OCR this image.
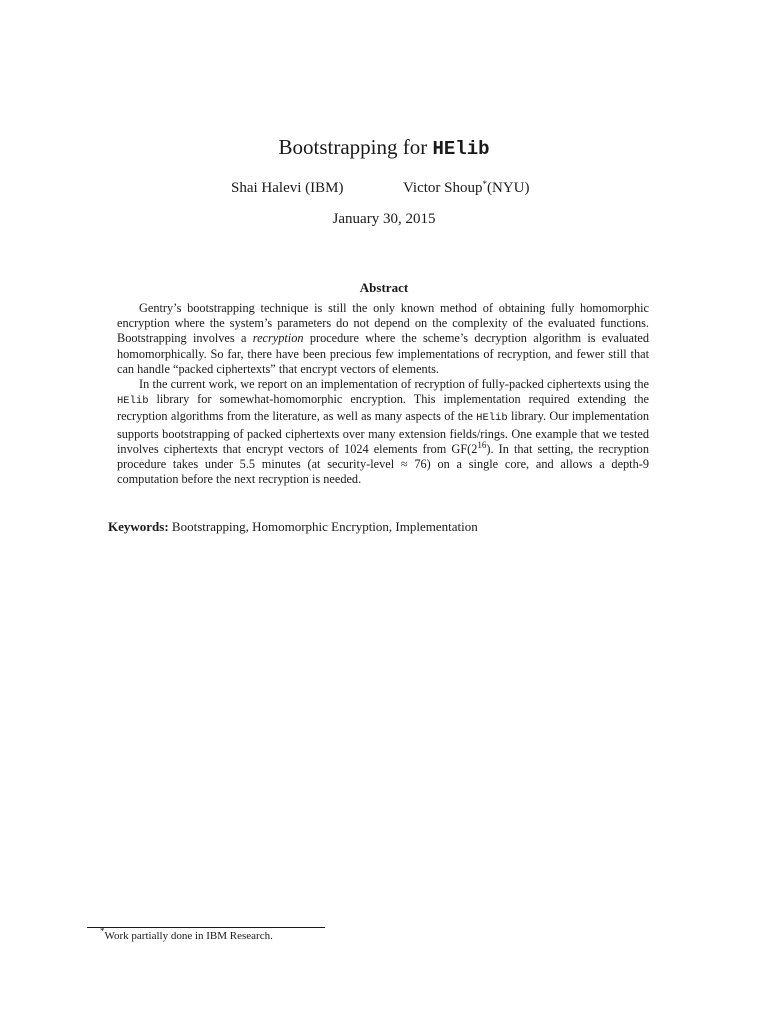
Bootstrapping for HElib
Shai Halevi (IBM)	Victor Shoup*(NYU)
January 30, 2015
Abstract

Gentry’s bootstrapping technique is still the only known method of obtaining fully homomorphic encryption where the system’s parameters do not depend on the complexity of the evaluated functions. Bootstrapping involves a recryption procedure where the scheme’s decryption algorithm is evaluated homomorphically. So far, there have been precious few implementations of recryption, and fewer still that can handle “packed ciphertexts” that encrypt vectors of elements.

In the current work, we report on an implementation of recryption of fully-packed ciphertexts using the HElib library for somewhat-homomorphic encryption. This implementation required extending the recryption algorithms from the literature, as well as many aspects of the HElib library. Our implementation supports bootstrapping of packed ciphertexts over many extension fields/rings. One example that we tested involves ciphertexts that encrypt vectors of 1024 elements from $GF(2^{16})$. In that setting, the recryption procedure takes under 5.5 minutes (at security-level ≈ 76) on a single core, and allows a depth-9 computation before the next recryption is needed.

Keywords: Bootstrapping, Homomorphic Encryption, Implementation
*Work partially done in IBM Research.
